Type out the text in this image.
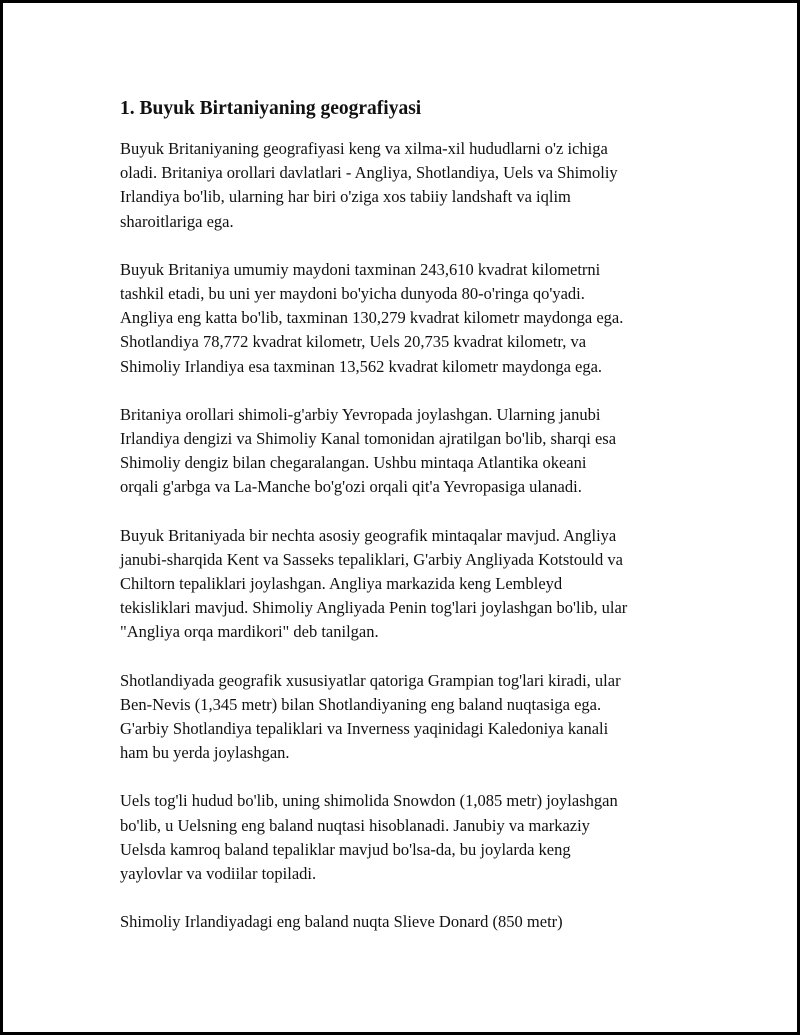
1. Buyuk Birtaniyaning geografiyasi

Buyuk Britaniyaning geografiyasi keng va xilma-xil hududlarni o'z ichiga
oladi. Britaniya orollari davlatlari - Angliya, Shotlandiya, Uels va Shimoliy
Irlandiya bo'lib, ularning har biri o'ziga xos tabiiy landshaft va iqlim
sharoitlariga ega.

Buyuk Britaniya umumiy maydoni taxminan 243,610 kvadrat kilometrni
tashkil etadi, bu uni yer maydoni bo'yicha dunyoda 80-o'ringa qo'yadi.
Angliya eng katta bo'lib, taxminan 130,279 kvadrat kilometr maydonga ega.
Shotlandiya 78,772 kvadrat kilometr, Uels 20,735 kvadrat kilometr, va
Shimoliy Irlandiya esa taxminan 13,562 kvadrat kilometr maydonga ega.

Britaniya orollari shimoli-g'arbiy Yevropada joylashgan. Ularning janubi
Irlandiya dengizi va Shimoliy Kanal tomonidan ajratilgan bo'lib, sharqi esa
Shimoliy dengiz bilan chegaralangan. Ushbu mintaqa Atlantika okeani
orqali g'arbga va La-Manche bo'g'ozi orqali qit'a Yevropasiga ulanadi.

Buyuk Britaniyada bir nechta asosiy geografik mintaqalar mavjud. Angliya
janubi-sharqida Kent va Sasseks tepaliklari, G'arbiy Angliyada Kotstould va
Chiltorn tepaliklari joylashgan. Angliya markazida keng Lembleyd
tekisliklari mavjud. Shimoliy Angliyada Penin tog'lari joylashgan bo'lib, ular
"Angliya orqa mardikori" deb tanilgan.

Shotlandiyada geografik xususiyatlar qatoriga Grampian tog'lari kiradi, ular
Ben-Nevis (1,345 metr) bilan Shotlandiyaning eng baland nuqtasiga ega.
G'arbiy Shotlandiya tepaliklari va Inverness yaqinidagi Kaledoniya kanali
ham bu yerda joylashgan.

Uels tog'li hudud bo'lib, uning shimolida Snowdon (1,085 metr) joylashgan
bo'lib, u Uelsning eng baland nuqtasi hisoblanadi. Janubiy va markaziy
Uelsda kamroq baland tepaliklar mavjud bo'lsa-da, bu joylarda keng
yaylovlar va vodiilar topiladi.

Shimoliy Irlandiyadagi eng baland nuqta Slieve Donard (850 metr)
